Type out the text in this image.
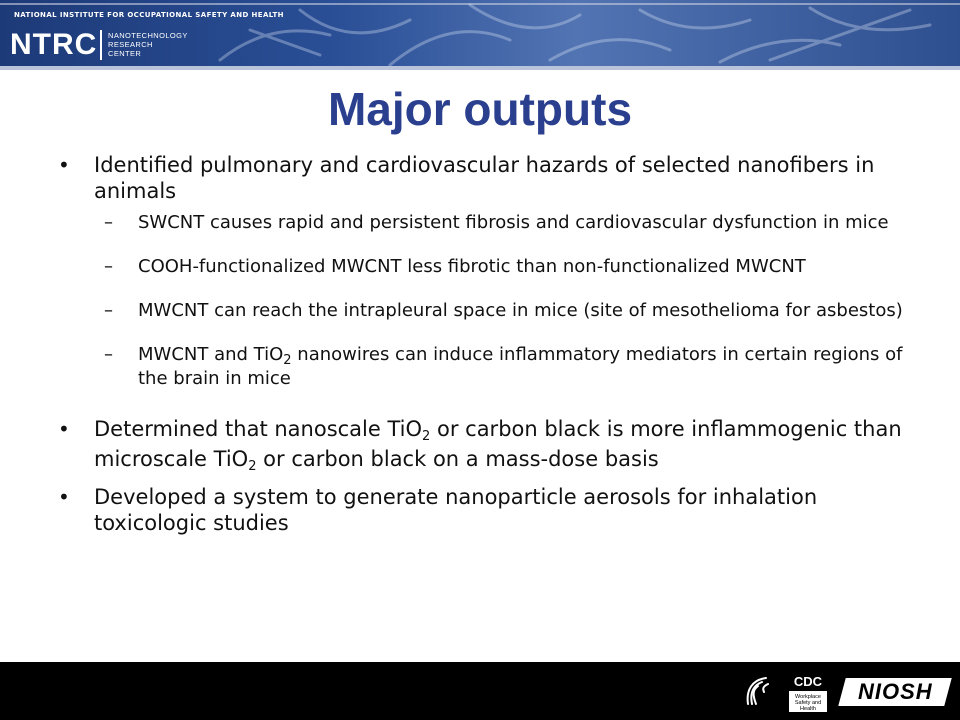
NATIONAL INSTITUTE FOR OCCUPATIONAL SAFETY AND HEALTH
NTRC NANOTECHNOLOGY
RESEARCH
CENTER
Major outputs
• Identified pulmonary and cardiovascular hazards of selected nanofibers in animals
– SWCNT causes rapid and persistent fibrosis and cardiovascular dysfunction in mice
– COOH-functionalized MWCNT less fibrotic than non-functionalized MWCNT
– MWCNT can reach the intrapleural space in mice (site of mesothelioma for asbestos)
– MWCNT and TiO$_2$ nanowires can induce inflammatory mediators in certain regions of the brain in mice
• Determined that nanoscale TiO2 or carbon black is more inflammogenic than microscale TiO2 or carbon black on a mass-dose basis
• Developed a system to generate nanoparticle aerosols for inhalation toxicologic studies
CDC
Workplace Safety and Health
NIOSH
